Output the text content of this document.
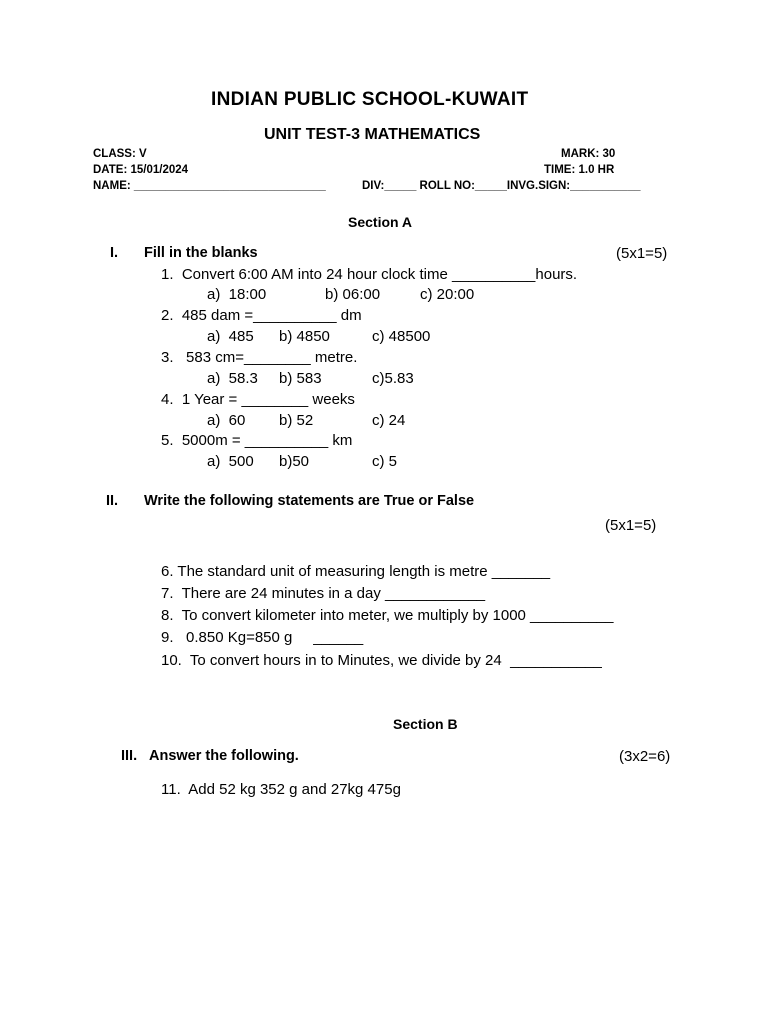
INDIAN PUBLIC SCHOOL-KUWAIT
UNIT TEST-3 MATHEMATICS
CLASS: V	MARK: 30
DATE: 15/01/2024	TIME: 1.0 HR
NAME: ______________________________	DIV:_____ ROLL NO:_____INVG.SIGN:___________
Section A
I. Fill in the blanks	(5x1=5)
1.  Convert 6:00 AM into 24 hour clock time __________hours.
a)  18:00	b) 06:00	c) 20:00
2.  485 dam =__________ dm
a)  485 b) 4850	c) 48500
3.   583 cm=________ metre.
a)  58.3 b) 583	c)5.83
4.  1 Year = ________ weeks
a)  60 b) 52	c) 24
5.  5000m = __________ km
a)  500 b)50	c) 5
II. Write the following statements are True or False
(5x1=5)
6. The standard unit of measuring length is metre _______
7.  There are 24 minutes in a day ____________
8.  To convert kilometer into meter, we multiply by 1000 __________
9.   0.850 Kg=850 g     ______
10.  To convert hours in to Minutes, we divide by 24  ___________
Section B
III. Answer the following.	(3x2=6)
11.  Add 52 kg 352 g and 27kg 475g
